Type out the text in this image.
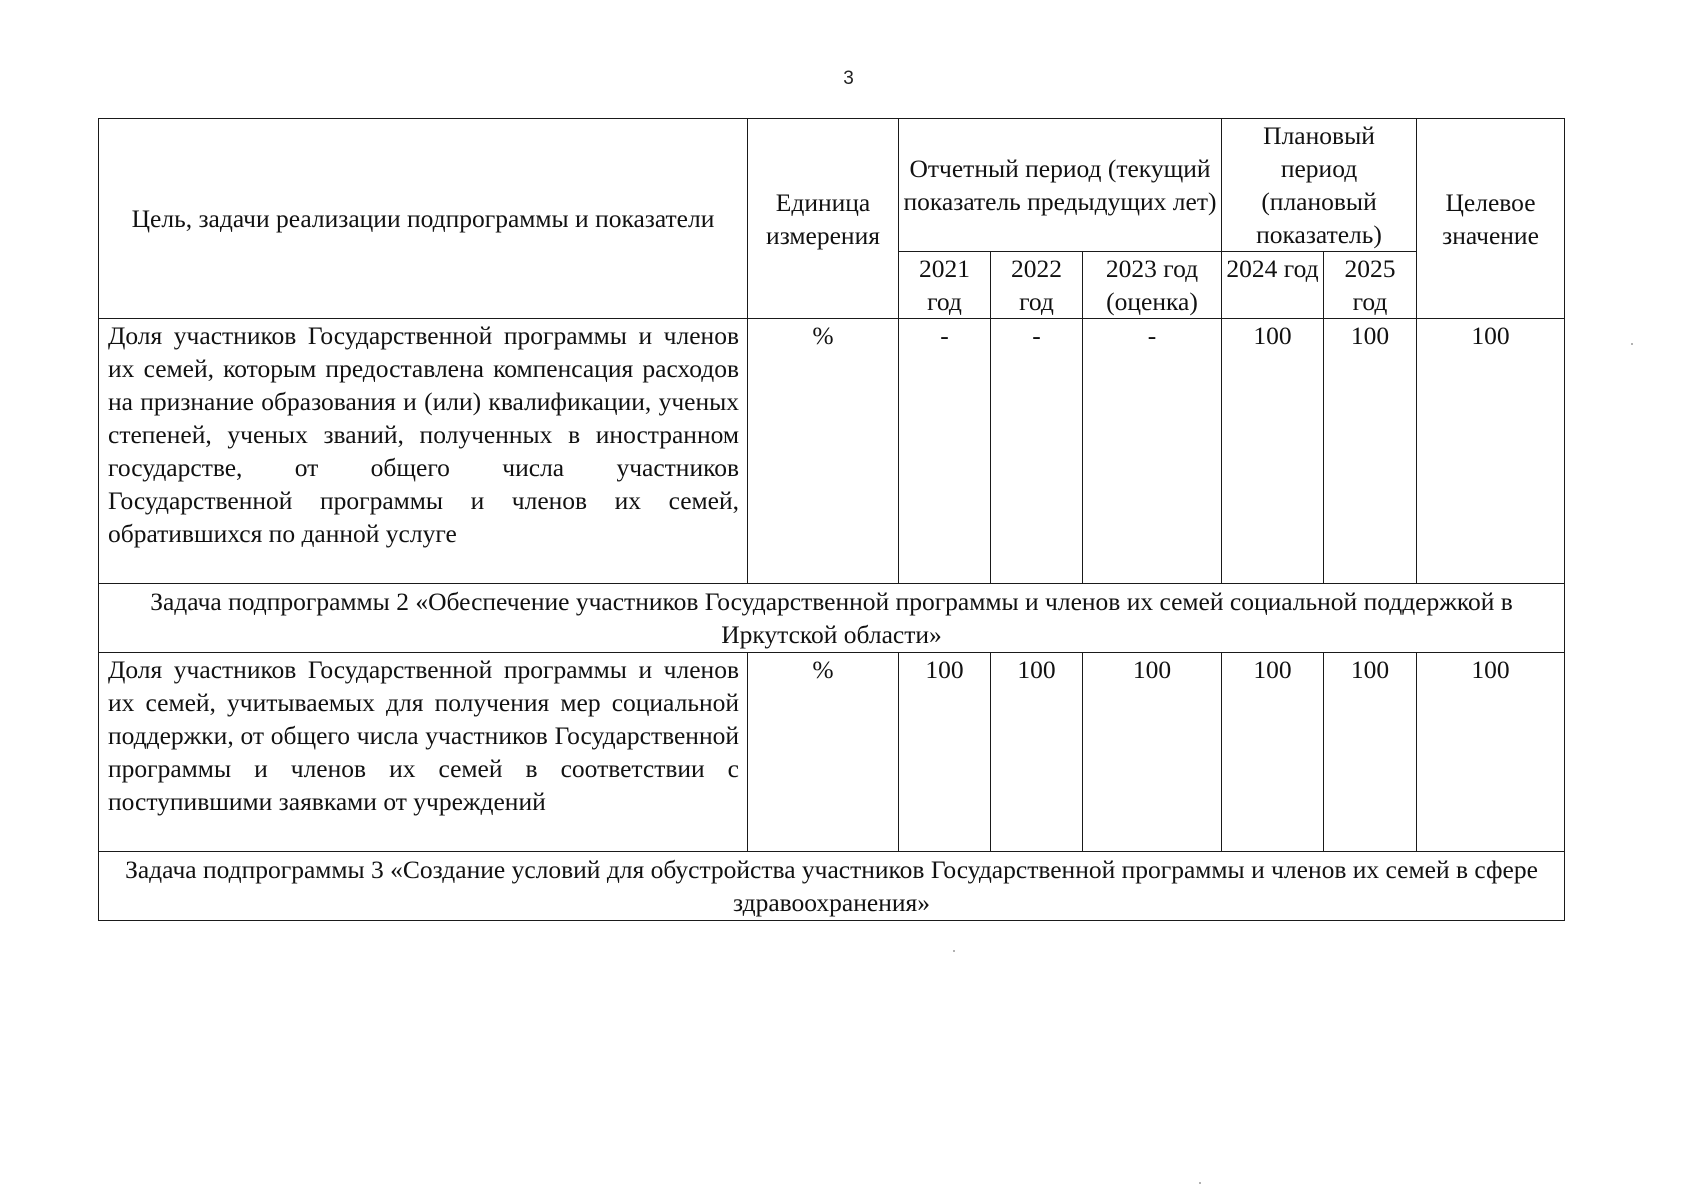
3
Цель, задачи реализации подпрограммы и показатели	Единица измерения	Отчетный период (текущий показатель предыдущих лет)			Плановый период (плановый показатель)		Целевое значение
		2021 год	2022 год	2023 год (оценка)	2024 год	2025 год	
Доля участников Государственной программы и членов их семей, которым предоставлена компенсация расходов на признание образования и (или) квалификации, ученых степеней, ученых званий, полученных в иностранном государстве, от общего числа участников Государственной программы и членов их семей, обратившихся по данной услуге	%	-	-	-	100	100	100
Задача подпрограммы 2 «Обеспечение участников Государственной программы и членов их семей социальной поддержкой в Иркутской области»							
Доля участников Государственной программы и членов их семей, учитываемых для получения мер социальной поддержки, от общего числа участников Государственной программы и членов их семей в соответствии с поступившими заявками от учреждений	%	100	100	100	100	100	100
Задача подпрограммы 3 «Создание условий для обустройства участников Государственной программы и членов их семей в сфере здравоохранения»							
